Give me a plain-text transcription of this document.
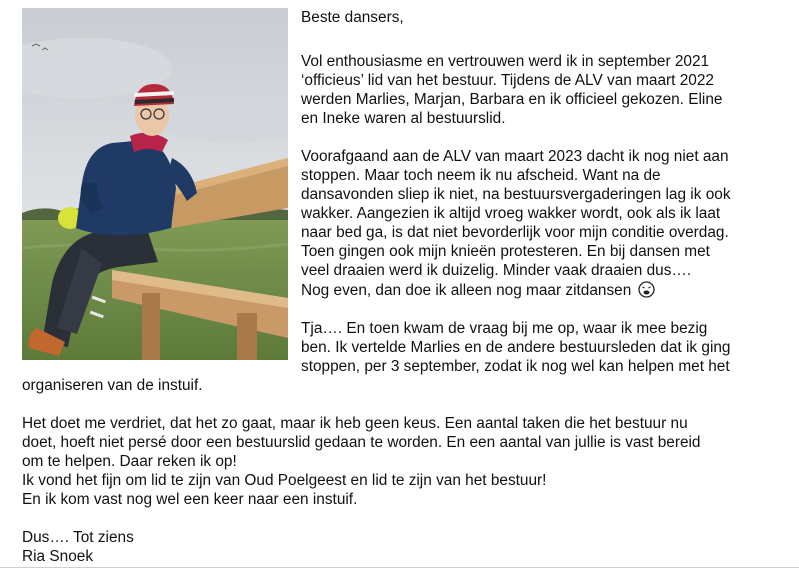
Beste dansers,
Vol enthousiasme en vertrouwen werd ik in september 2021
‘officieus’ lid van het bestuur. Tijdens de ALV van maart 2022
werden Marlies, Marjan, Barbara en ik officieel gekozen. Eline
en Ineke waren al bestuurslid.
Voorafgaand aan de ALV van maart 2023 dacht ik nog niet aan
stoppen. Maar toch neem ik nu afscheid. Want na de
dansavonden sliep ik niet, na bestuursvergaderingen lag ik ook
wakker. Aangezien ik altijd vroeg wakker wordt, ook als ik laat
naar bed ga, is dat niet bevorderlijk voor mijn conditie overdag.
Toen gingen ook mijn knieën protesteren. En bij dansen met
veel draaien werd ik duizelig. Minder vaak draaien dus….
Nog even, dan doe ik alleen nog maar zitdansen
Tja…. En toen kwam de vraag bij me op, waar ik mee bezig
ben. Ik vertelde Marlies en de andere bestuursleden dat ik ging
stoppen, per 3 september, zodat ik nog wel kan helpen met het
organiseren van de instuif.
Het doet me verdriet, dat het zo gaat, maar ik heb geen keus. Een aantal taken die het bestuur nu
doet, hoeft niet persé door een bestuurslid gedaan te worden. En een aantal van jullie is vast bereid
om te helpen. Daar reken ik op!
Ik vond het fijn om lid te zijn van Oud Poelgeest en lid te zijn van het bestuur!
En ik kom vast nog wel een keer naar een instuif.
Dus…. Tot ziens
Ria Snoek
